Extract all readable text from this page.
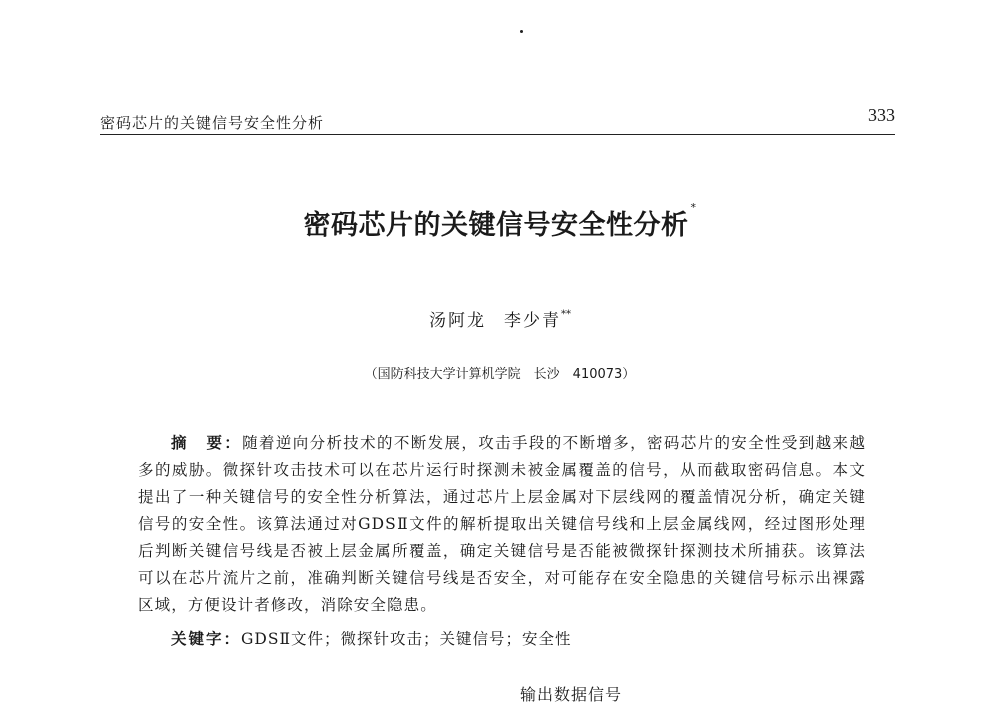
密码芯片的关键信号安全性分析	333
密码芯片的关键信号安全性分析*
汤阿龙 李少青**
（国防科技大学计算机学院　长沙　410073）
摘　要：随着逆向分析技术的不断发展，攻击手段的不断增多，密码芯片的安全性受到越来越多的威胁。微探针攻击技术可以在芯片运行时探测未被金属覆盖的信号，从而截取密码信息。本文提出了一种关键信号的安全性分析算法，通过芯片上层金属对下层线网的覆盖情况分析，确定关键信号的安全性。该算法通过对GDSⅡ文件的解析提取出关键信号线和上层金属线网，经过图形处理后判断关键信号线是否被上层金属所覆盖，确定关键信号是否能被微探针探测技术所捕获。该算法可以在芯片流片之前，准确判断关键信号线是否安全，对可能存在安全隐患的关键信号标示出裸露区域，方便设计者修改，消除安全隐患。
关键字：GDSⅡ文件；微探针攻击；关键信号；安全性
输出数据信号
